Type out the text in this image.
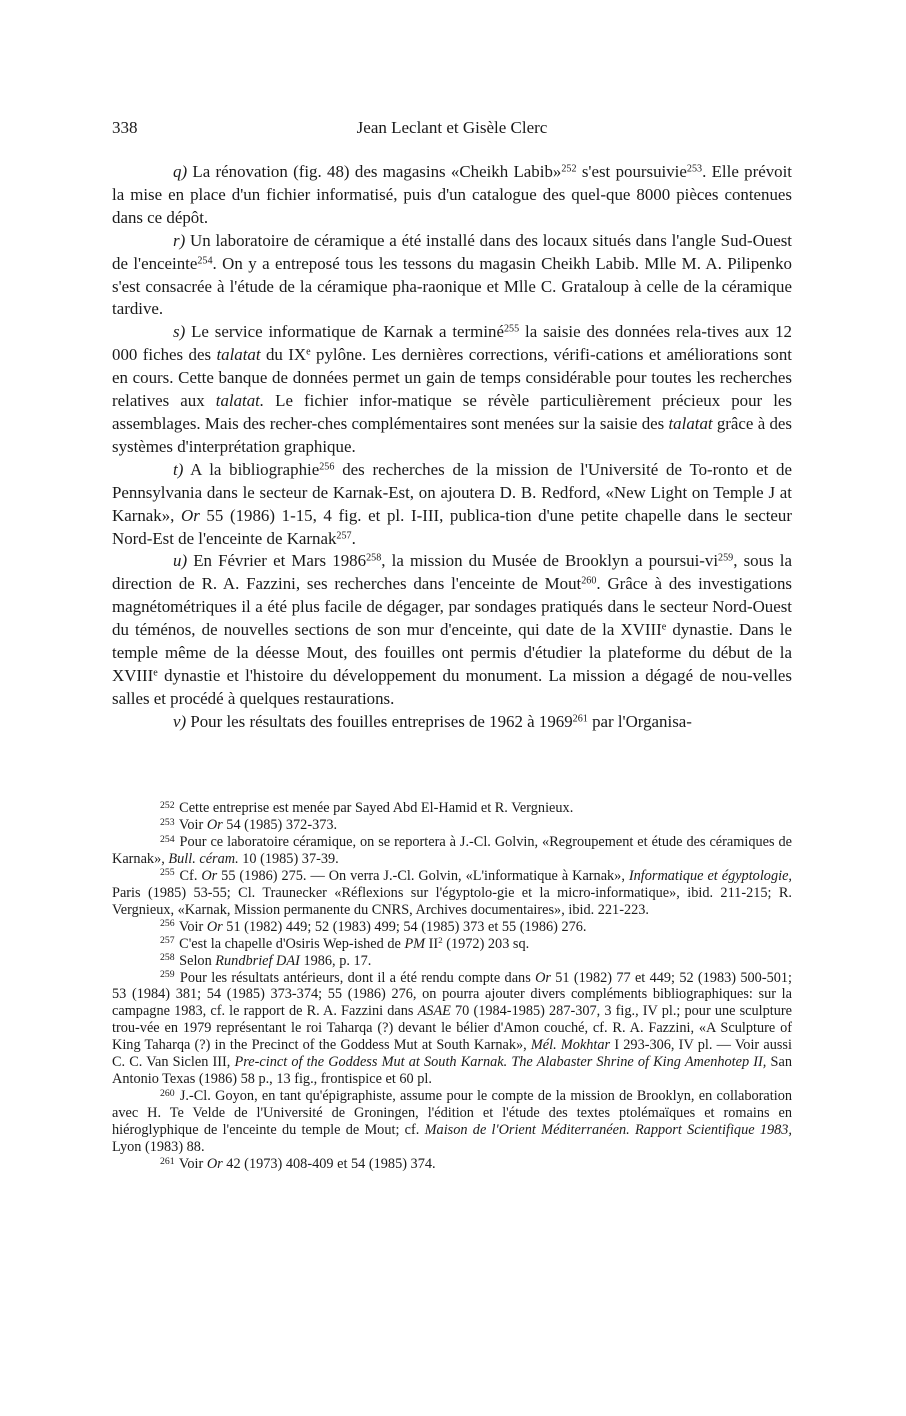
338	Jean Leclant et Gisèle Clerc

q) La rénovation (fig. 48) des magasins «Cheikh Labib»$^{252}$ s'est poursuivie$^{253}$. Elle prévoit la mise en place d'un fichier informatisé, puis d'un catalogue des quel-que 8000 pièces contenues dans ce dépôt.

r) Un laboratoire de céramique a été installé dans des locaux situés dans l'angle Sud-Ouest de l'enceinte$^{254}$. On y a entreposé tous les tessons du magasin Cheikh Labib. Mlle M. A. Pilipenko s'est consacrée à l'étude de la céramique pha-raonique et Mlle C. Grataloup à celle de la céramique tardive.

s) Le service informatique de Karnak a terminé$^{255}$ la saisie des données rela-tives aux 12 000 fiches des talatat du IXe pylône. Les dernières corrections, vérifi-cations et améliorations sont en cours. Cette banque de données permet un gain de temps considérable pour toutes les recherches relatives aux talatat. Le fichier infor-matique se révèle particulièrement précieux pour les assemblages. Mais des recher-ches complémentaires sont menées sur la saisie des talatat grâce à des systèmes d'interprétation graphique.

t) A la bibliographie$^{256}$ des recherches de la mission de l'Université de To-ronto et de Pennsylvania dans le secteur de Karnak-Est, on ajoutera D. B. Redford, «New Light on Temple J at Karnak», Or 55 (1986) 1-15, 4 fig. et pl. I-III, publica-tion d'une petite chapelle dans le secteur Nord-Est de l'enceinte de Karnak$^{257}$.

u) En Février et Mars 1986$^{258}$, la mission du Musée de Brooklyn a poursui-$vi^{259}$, sous la direction de R. A. Fazzini, ses recherches dans l'enceinte de Mout$^{260}$. Grâce à des investigations magnétométriques il a été plus facile de dégager, par sondages pratiqués dans le secteur Nord-Ouest du téménos, de nouvelles sections de son mur d'enceinte, qui date de la XVIIIe dynastie. Dans le temple même de la déesse Mout, des fouilles ont permis d'étudier la plateforme du début de la XVIIIe dynastie et l'histoire du développement du monument. La mission a dégagé de nou-velles salles et procédé à quelques restaurations.

v) Pour les résultats des fouilles entreprises de 1962 à 1969$^{261}$ par l'Organisa-

$^{252}$ Cette entreprise est menée par Sayed Abd El-Hamid et R. Vergnieux.

$^{253}$ Voir Or 54 (1985) 372-373.

$^{254}$ Pour ce laboratoire céramique, on se reportera à J.-Cl. Golvin, «Regroupement et étude des céramiques de Karnak», Bull. céram. 10 (1985) 37-39.

$^{255}$ Cf. Or 55 (1986) 275. — On verra J.-Cl. Golvin, «L'informatique à Karnak», Informatique et égyptologie, Paris (1985) 53-55; Cl. Traunecker «Réflexions sur l'égyptolo-gie et la micro-informatique», ibid. 211-215; R. Vergnieux, «Karnak, Mission permanente du CNRS, Archives documentaires», ibid. 221-223.

$^{256}$ Voir Or 51 (1982) 449; 52 (1983) 499; 54 (1985) 373 et 55 (1986) 276.

$^{257}$ C'est la chapelle d'Osiris Wep-ished de PM $II^2$ (1972) 203 sq.

$^{258}$ Selon Rundbrief DAI 1986, p. 17.

$^{259}$ Pour les résultats antérieurs, dont il a été rendu compte dans Or 51 (1982) 77 et 449; 52 (1983) 500-501; 53 (1984) 381; 54 (1985) 373-374; 55 (1986) 276, on pourra ajouter divers compléments bibliographiques: sur la campagne 1983, cf. le rapport de R. A. Fazzini dans ASAE 70 (1984-1985) 287-307, 3 fig., IV pl.; pour une sculpture trou-vée en 1979 représentant le roi Taharqa (?) devant le bélier d'Amon couché, cf. R. A. Fazzini, «A Sculpture of King Taharqa (?) in the Precinct of the Goddess Mut at South Karnak», Mél. Mokhtar I 293-306, IV pl. — Voir aussi C. C. Van Siclen III, Pre-cinct of the Goddess Mut at South Karnak. The Alabaster Shrine of King Amenhotep II, San Antonio Texas (1986) 58 p., 13 fig., frontispice et 60 pl.

$^{260}$ J.-Cl. Goyon, en tant qu'épigraphiste, assume pour le compte de la mission de Brooklyn, en collaboration avec H. Te Velde de l'Université de Groningen, l'édition et l'étude des textes ptolémaïques et romains en hiéroglyphique de l'enceinte du temple de Mout; cf. Maison de l'Orient Méditerranéen. Rapport Scientifique 1983, Lyon (1983) 88.

$^{261}$ Voir Or 42 (1973) 408-409 et 54 (1985) 374.
